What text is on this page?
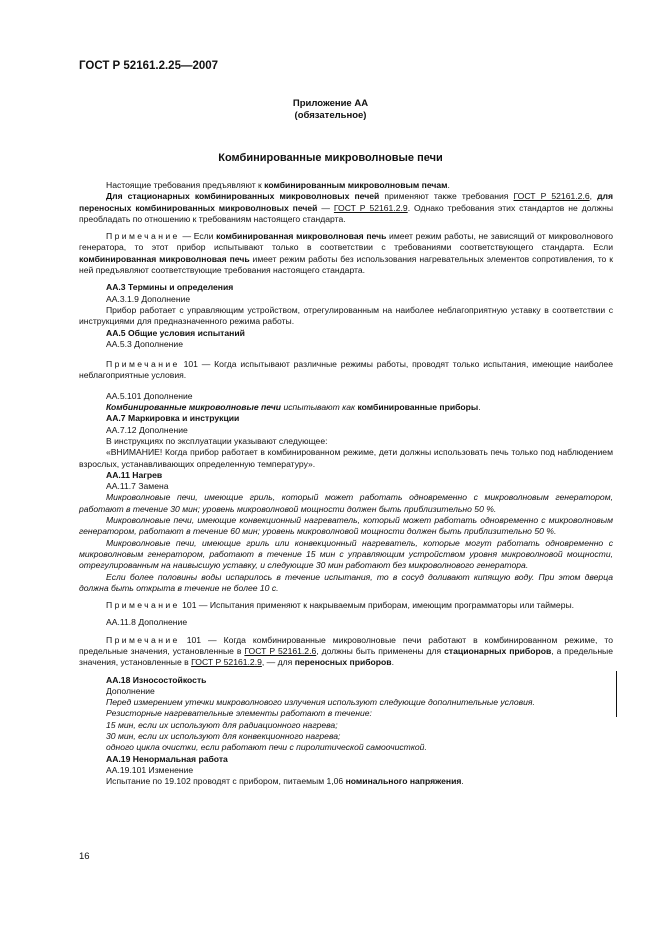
ГОСТ Р 52161.2.25—2007
Приложение АА
(обязательное)
Комбинированные микроволновые печи

Настоящие требования предъявляют к комбинированным микроволновым печам.

Для стационарных комбинированных микроволновых печей применяют также требования ГОСТ Р 52161.2.6, для переносных комбинированных микроволновых печей — ГОСТ Р 52161.2.9. Однако требования этих стандартов не должны преобладать по отношению к требованиям настоящего стандарта.

Примечание — Если комбинированная микроволновая печь имеет режим работы, не зависящий от микроволнового генератора, то этот прибор испытывают только в соответствии с требованиями соответствующего стандарта. Если комбинированная микроволновая печь имеет режим работы без использования нагревательных элементов сопротивления, то к ней предъявляют соответствующие требования настоящего стандарта.

АА.3 Термины и определения

АА.3.1.9 Дополнение

Прибор работает с управляющим устройством, отрегулированным на наиболее неблагоприятную уставку в соответствии с инструкциями для предназначенного режима работы.

АА.5 Общие условия испытаний

АА.5.3 Дополнение

Примечание 101 — Когда испытывают различные режимы работы, проводят только испытания, имеющие наиболее неблагоприятные условия.

АА.5.101 Дополнение

Комбинированные микроволновые печи испытывают как комбинированные приборы.

АА.7 Маркировка и инструкции

АА.7.12 Дополнение

В инструкциях по эксплуатации указывают следующее:

«ВНИМАНИЕ! Когда прибор работает в комбинированном режиме, дети должны использовать печь только под наблюдением взрослых, устанавливающих определенную температуру».

АА.11 Нагрев

АА.11.7 Замена

Микроволновые печи, имеющие гриль, который может работать одновременно с микроволновым генератором, работают в течение 30 мин; уровень микроволновой мощности должен быть приблизительно 50 %.

Микроволновые печи, имеющие конвекционный нагреватель, который может работать одновременно с микроволновым генератором, работают в течение 60 мин; уровень микроволновой мощности должен быть приблизительно 50 %.

Микроволновые печи, имеющие гриль или конвекционный нагреватель, которые могут работать одновременно с микроволновым генератором, работают в течение 15 мин с управляющим устройством уровня микроволновой мощности, отрегулированным на наивысшую уставку, и следующие 30 мин работают без микроволнового генератора.

Если более половины воды испарилось в течение испытания, то в сосуд доливают кипящую воду. При этом дверца должна быть открыта в течение не более 10 с.

Примечание 101 — Испытания применяют к накрываемым приборам, имеющим программаторы или таймеры.

АА.11.8 Дополнение

Примечание 101 — Когда комбинированные микроволновые печи работают в комбинированном режиме, то предельные значения, установленные в ГОСТ Р 52161.2.6, должны быть применены для стационарных приборов, а предельные значения, установленные в ГОСТ Р 52161.2.9, — для переносных приборов.

АА.18 Износостойкость

Дополнение

Перед измерением утечки микроволнового излучения используют следующие дополнительные условия.

Резисторные нагревательные элементы работают в течение:

15 мин, если их используют для радиационного нагрева;

30 мин, если их используют для конвекционного нагрева;

одного цикла очистки, если работают печи с пиролитической самоочисткой.

АА.19 Ненормальная работа

АА.19.101 Изменение

Испытание по 19.102 проводят с прибором, питаемым 1,06 номинального напряжения.

16
